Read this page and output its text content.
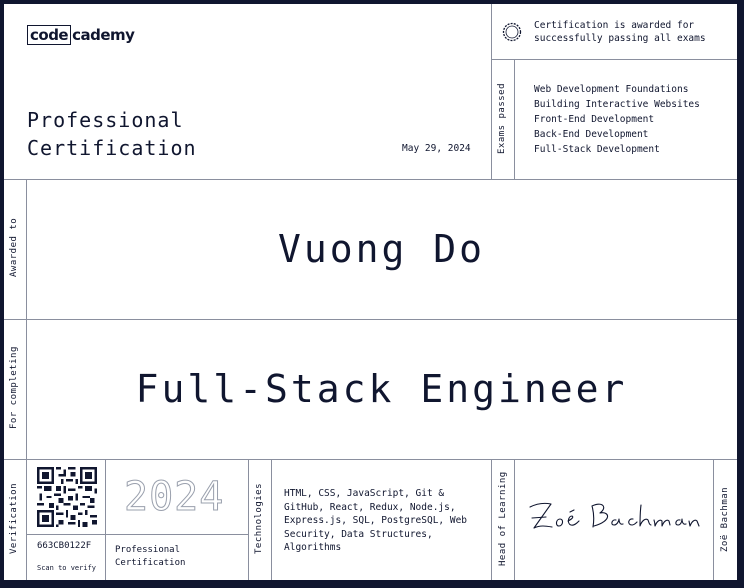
code cademy
Professional
Certification	May 29, 2024
Certification is awarded for
successfully passing all exams
Exams passed	Web Development Foundations
Building Interactive Websites
Front-End Development
Back-End Development
Full-Stack Development
Awarded to	Vuong Do
For completing	Full-Stack Engineer
Verification 663CB0122F
Scan to verify
2024
Professional
Certification
Technologies HTML, CSS, JavaScript, Git & GitHub, React, Redux, Node.js, Express.js, SQL, PostgreSQL, Web Security, Data Structures, Algorithms	Head of Learning	Zoë Bachman
